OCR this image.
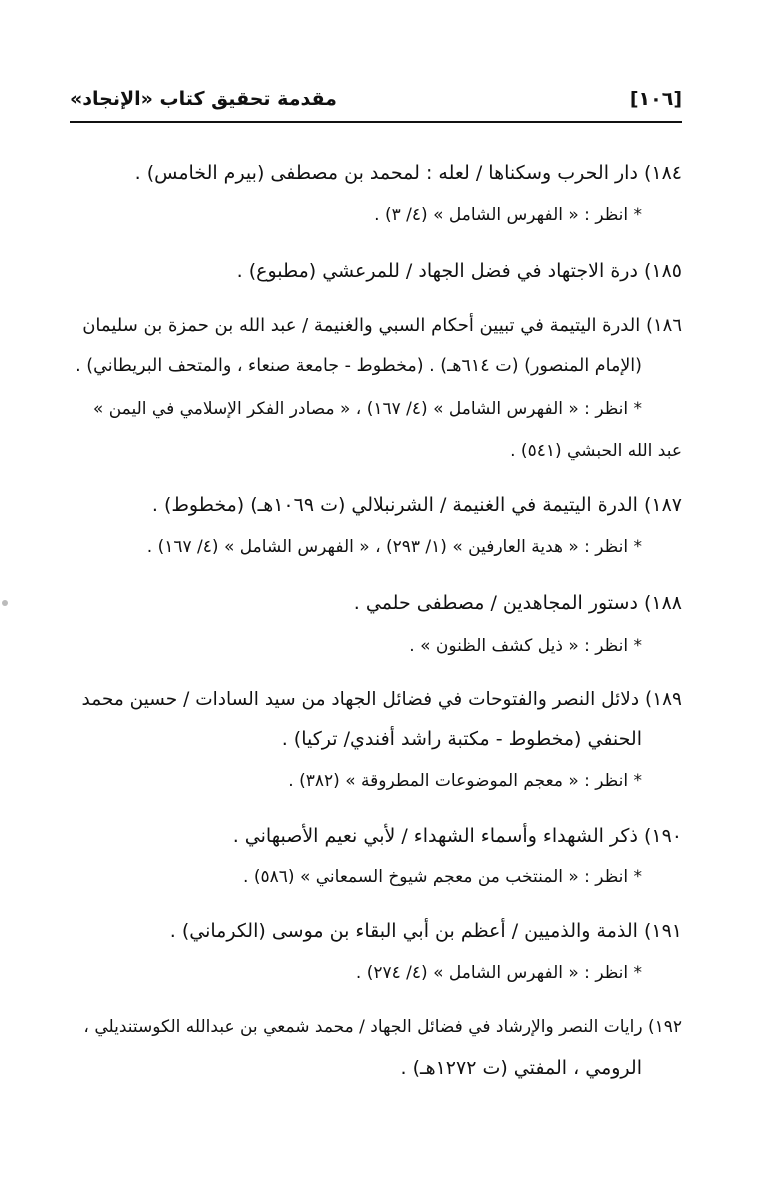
[١٠٦]
مقدمة تحقيق كتاب «الإنجاد»
١٨٤) دار الحرب وسكناها / لعله : لمحمد بن مصطفى (بيرم الخامس) .
* انظر : « الفهرس الشامل » (٤/ ٣) .
١٨٥) درة الاجتهاد في فضل الجهاد / للمرعشي (مطبوع) .
١٨٦) الدرة اليتيمة في تبيين أحكام السبي والغنيمة / عبد الله بن حمزة بن سليمان
(الإمام المنصور) (ت ٦١٤هـ) . (مخطوط - جامعة صنعاء ، والمتحف البريطاني) .
* انظر : « الفهرس الشامل » (٤/ ١٦٧) ، « مصادر الفكر الإسلامي في اليمن »
عبد الله الحبشي (٥٤١) .
١٨٧) الدرة اليتيمة في الغنيمة / الشرنبلالي (ت ١٠٦٩هـ) (مخطوط) .
* انظر : « هدية العارفين » (١/ ٢٩٣) ، « الفهرس الشامل » (٤/ ١٦٧) .
١٨٨) دستور المجاهدين / مصطفى حلمي .
* انظر : « ذيل كشف الظنون » .
١٨٩) دلائل النصر والفتوحات في فضائل الجهاد من سيد السادات / حسين محمد
الحنفي (مخطوط - مكتبة راشد أفندي/ تركيا) .
* انظر : « معجم الموضوعات المطروقة » (٣٨٢) .
١٩٠) ذكر الشهداء وأسماء الشهداء / لأبي نعيم الأصبهاني .
* انظر : « المنتخب من معجم شيوخ السمعاني » (٥٨٦) .
١٩١) الذمة والذميين / أعظم بن أبي البقاء بن موسى (الكرماني) .
* انظر : « الفهرس الشامل » (٤/ ٢٧٤) .
١٩٢) رايات النصر والإرشاد في فضائل الجهاد / محمد شمعي بن عبدالله الكوستنديلي ،
الرومي ، المفتي (ت ١٢٧٢هـ) .
